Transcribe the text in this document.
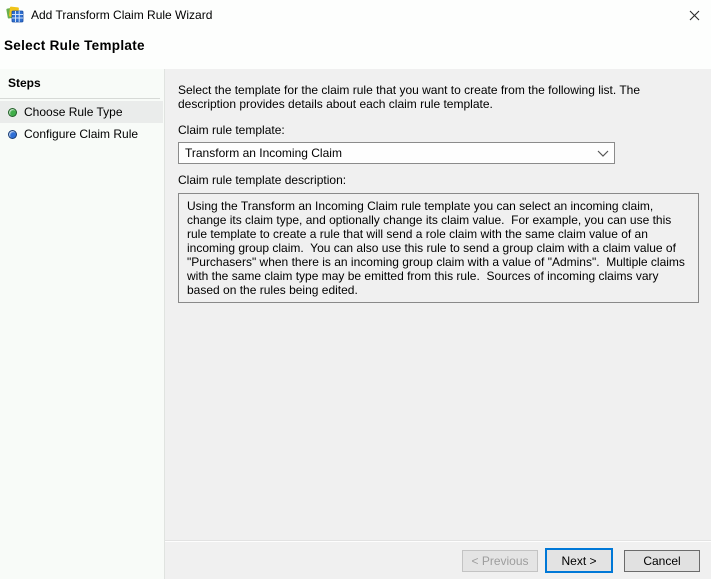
Add Transform Claim Rule Wizard
Select Rule Template
Steps
Choose Rule Type
Configure Claim Rule

Select the template for the claim rule that you want to create from the following list. The description provides details about each claim rule template.

Claim rule template:
Transform an Incoming Claim
Claim rule template description:
Using the Transform an Incoming Claim rule template you can select an incoming claim, change its claim type, and optionally change its claim value.  For example, you can use this rule template to create a rule that will send a role claim with the same claim value of an incoming group claim.  You can also use this rule to send a group claim with a claim value of "Purchasers" when there is an incoming group claim with a value of "Admins".  Multiple claims with the same claim type may be emitted from this rule.  Sources of incoming claims vary based on the rules being edited.
< Previous	Next >	Cancel
